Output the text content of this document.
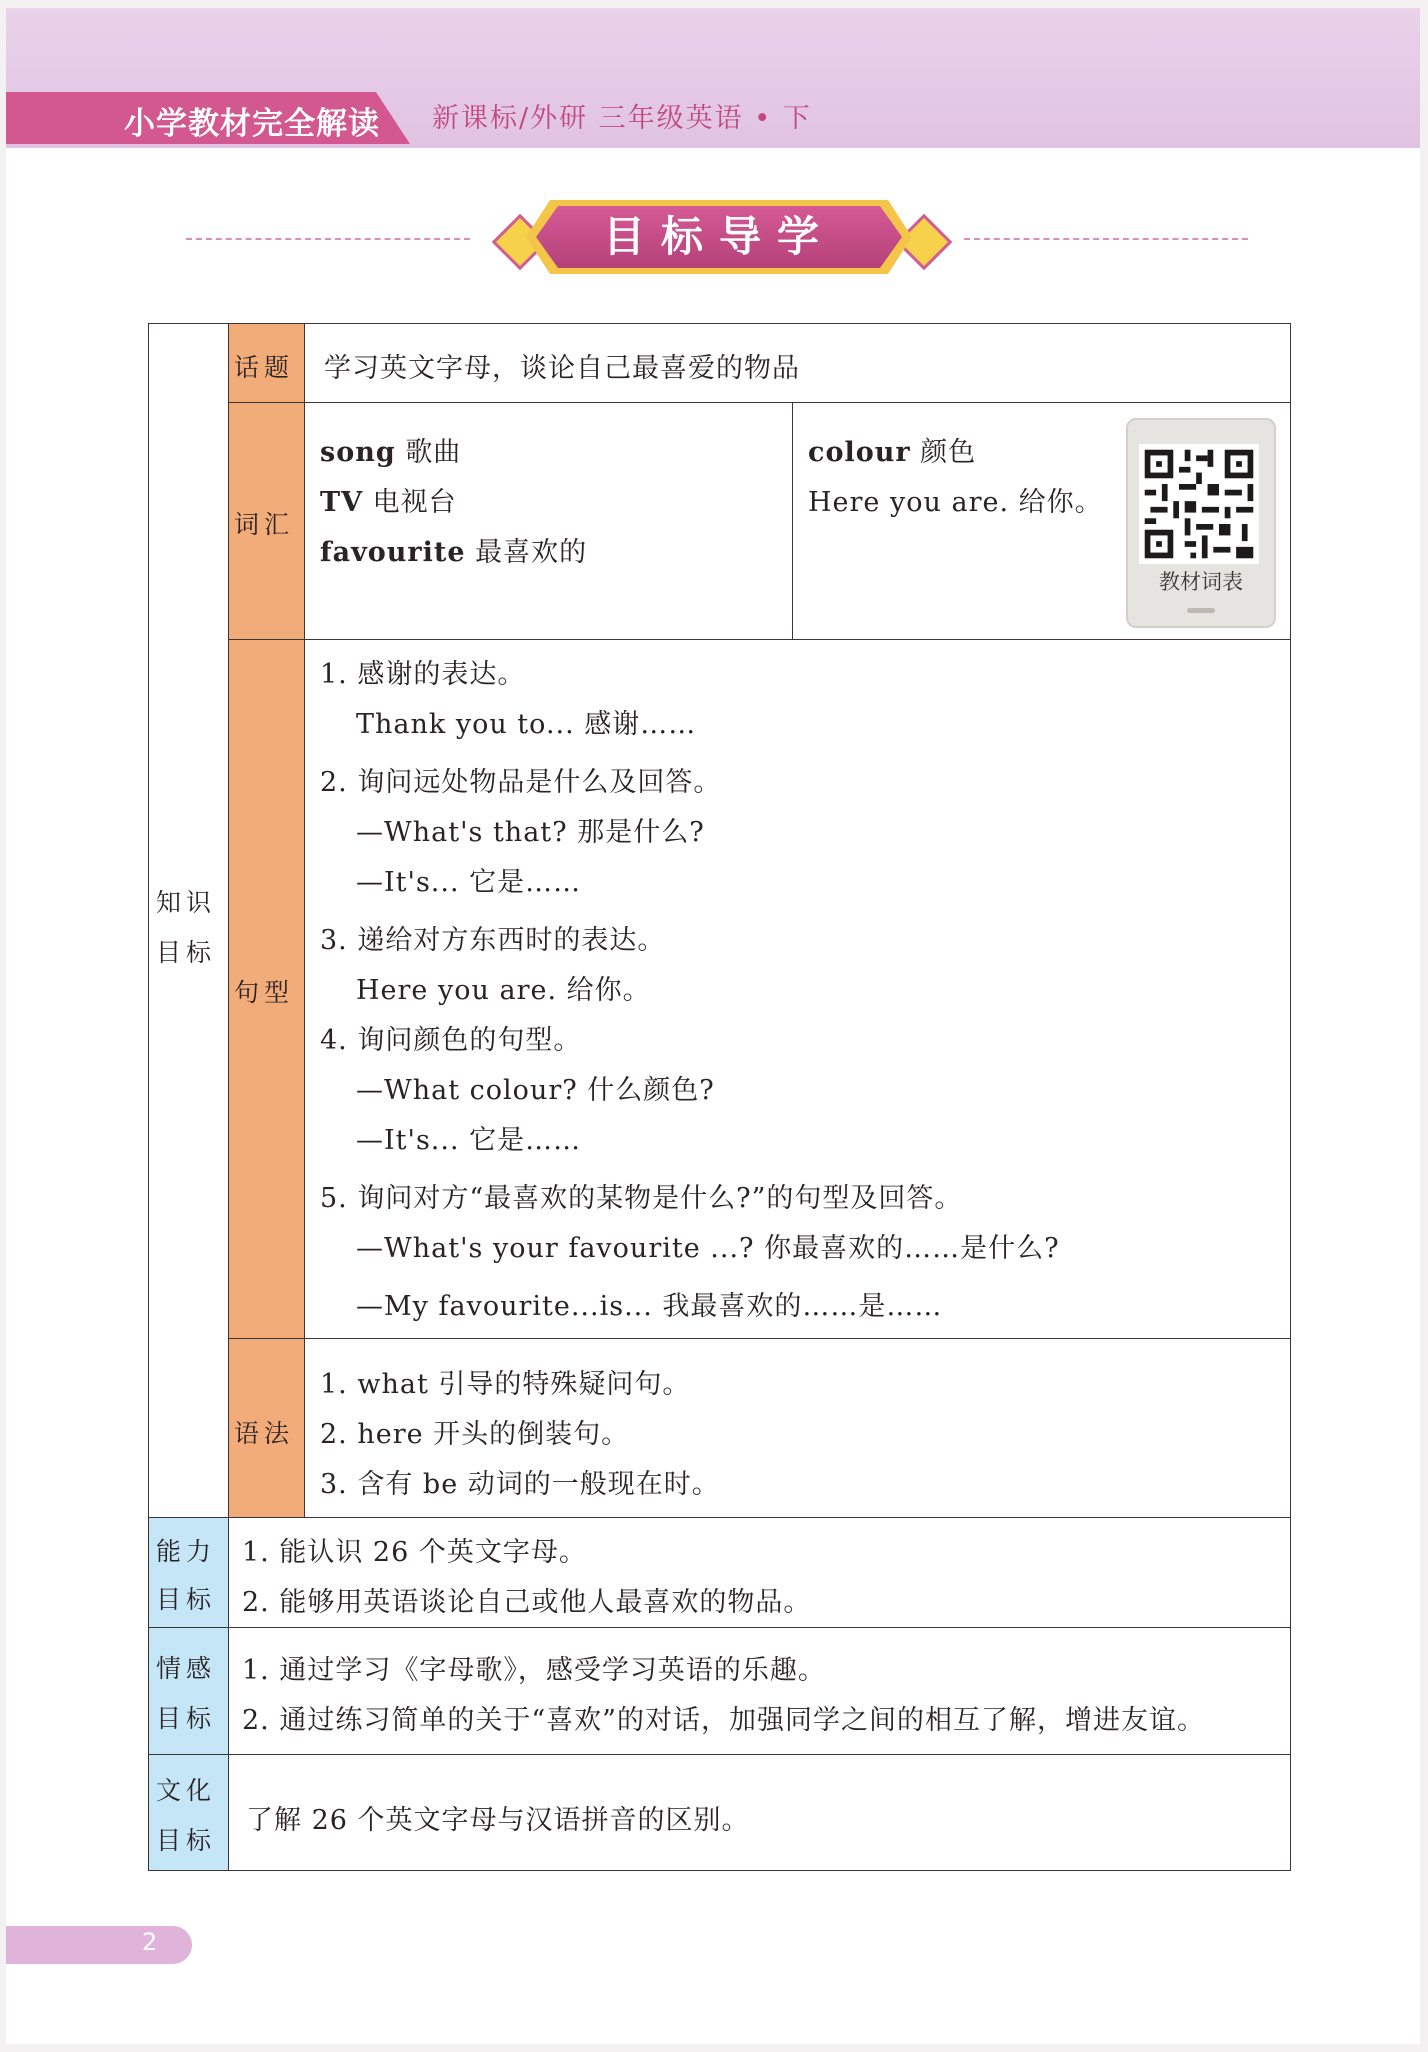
小学教材完全解读 新课标/外研 三年级英语 • 下
目标导学
知识目标
话题 学习英文字母，谈论自己最喜爱的物品
词汇
song 歌曲
TV 电视台
favourite 最喜欢的
colour 颜色
Here you are. 给你。
教材词表
句型
1. 感谢的表达。
Thank you to... 感谢……
2. 询问远处物品是什么及回答。
—What's that? 那是什么?
—It's... 它是……
3. 递给对方东西时的表达。
Here you are. 给你。
4. 询问颜色的句型。
—What colour? 什么颜色?
—It's... 它是……
5. 询问对方“最喜欢的某物是什么?”的句型及回答。
—What's your favourite ...? 你最喜欢的……是什么?
—My favourite...is... 我最喜欢的……是……
语法
1. what 引导的特殊疑问句。
2. here 开头的倒装句。
3. 含有 be 动词的一般现在时。
能力目标
1. 能认识 26 个英文字母。
2. 能够用英语谈论自己或他人最喜欢的物品。
情感目标
1. 通过学习《字母歌》，感受学习英语的乐趣。
2. 通过练习简单的关于“喜欢”的对话，加强同学之间的相互了解，增进友谊。
文化目标
了解 26 个英文字母与汉语拼音的区别。
2
